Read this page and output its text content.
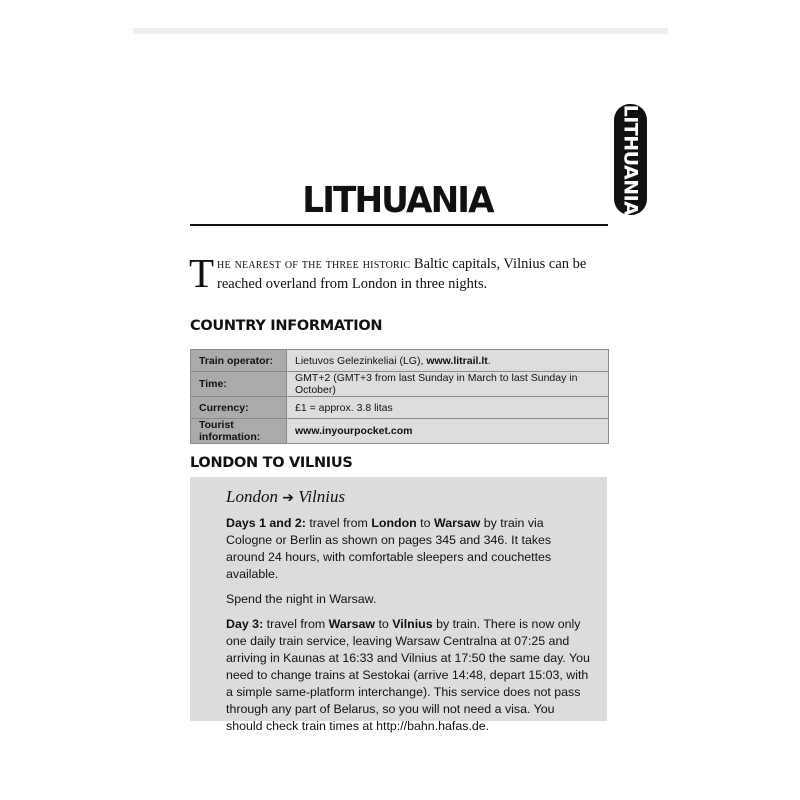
LITHUANIA
LITHUANIA
The nearest of the three historic Baltic capitals, Vilnius can be
reached overland from London in three nights.
COUNTRY INFORMATION
Train operator:	Lietuvos Gelezinkeliai (LG), www.litrail.lt.
Time:	GMT+2 (GMT+3 from last Sunday in March to last Sunday in October)
Currency:	£1 = approx. 3.8 litas
Tourist information:	www.inyourpocket.com
LONDON TO VILNIUS
London ➔ Vilnius

Days 1 and 2: travel from London to Warsaw by train via Cologne or Berlin as shown on pages 345 and 346. It takes around 24 hours, with comfortable sleepers and couchettes available.

Spend the night in Warsaw.

Day 3: travel from Warsaw to Vilnius by train. There is now only one daily train service, leaving Warsaw Centralna at 07:25 and arriving in Kaunas at 16:33 and Vilnius at 17:50 the same day. You need to change trains at Sestokai (arrive 14:48, depart 15:03, with a simple same-platform interchange). This service does not pass through any part of Belarus, so you will not need a visa. You should check train times at http://bahn.hafas.de.
